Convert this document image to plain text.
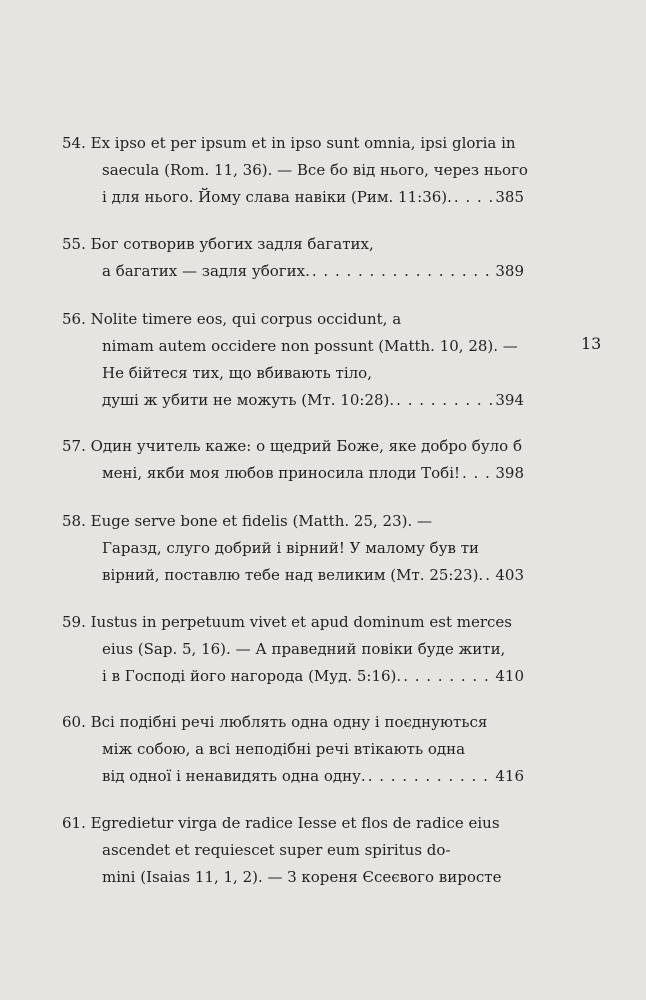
54. Ex ipso et per ipsum et in ipso sunt omnia, ipsi gloria in
saecula (Rom. 11, 36). — Все бо від нього, через нього
і для нього. Йому слава навіки (Рим. 11:36). . . .	385
55. Бог сотворив убогих задля багатих,
а багатих — задля убогих. . . .	389
56. Nolite timere eos, qui corpus occidunt, a
nimam autem occidere non possunt (Matth. 10, 28). —
Не бійтеся тих, що вбивають тіло,
душі ж убити не можуть (Мт. 10:28). . . .	394
57. Один учитель каже: о щедрий Боже, яке добро було б
мені, якби моя любов приносила плоди Тобі! . . . 398
58. Euge serve bone et fidelis (Matth. 25, 23). —
Гаразд, слуго добрий і вірний! У малому був ти
вірний, поставлю тебе над великим (Мт. 25:23). . . . 403
59. Iustus in perpetuum vivet et apud dominum est merces
eius (Sap. 5, 16). — А праведний повіки буде жити,
і в Господі його нагорода (Муд. 5:16). . . .	410
60. Всі подібні речі люблять одна одну і поєднуються
між собою, а всі неподібні речі втікають одна
від одної і ненавидять одна одну. . . .	416
61. Egredietur virga de radice Iesse et flos de radice eius
ascendet et requiescet super eum spiritus do-
mini (Isaias 11, 1, 2). — З кореня Єсеєвого виросте
13
